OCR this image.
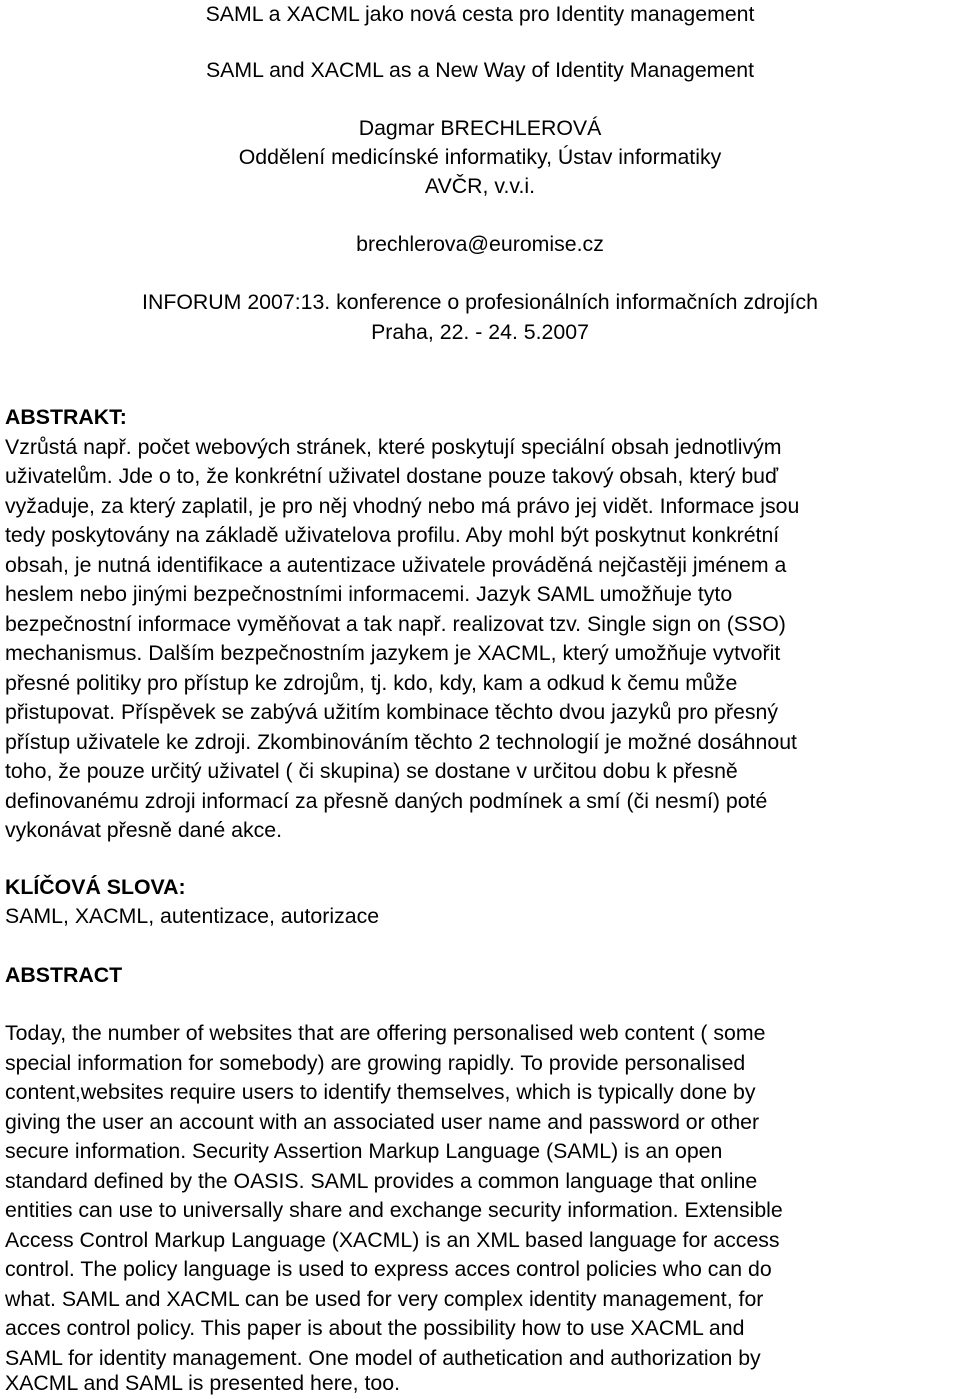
SAML a XACML jako nová cesta pro Identity management
SAML and XACML as a New Way of Identity Management
Dagmar BRECHLEROVÁ
Oddělení medicínské informatiky, Ústav informatiky
AVČR, v.v.i.
brechlerova@euromise.cz
INFORUM 2007:13. konference o profesionálních informačních zdrojích
Praha, 22. - 24. 5.2007
ABSTRAKT:
Vzrůstá např. počet webových stránek, které poskytují speciální obsah jednotlivým
uživatelům. Jde o to, že konkrétní uživatel dostane pouze takový obsah, který buď
vyžaduje, za který zaplatil, je pro něj vhodný nebo má právo jej vidět. Informace jsou
tedy poskytovány na základě uživatelova profilu. Aby mohl být poskytnut konkrétní
obsah, je nutná identifikace a autentizace uživatele prováděná nejčastěji jménem a
heslem nebo jinými bezpečnostními informacemi. Jazyk SAML umožňuje tyto
bezpečnostní informace vyměňovat a tak např. realizovat tzv. Single sign on (SSO)
mechanismus. Dalším bezpečnostním jazykem je XACML, který umožňuje vytvořit
přesné politiky pro přístup ke zdrojům, tj. kdo, kdy, kam a odkud k čemu může
přistupovat. Příspěvek se zabývá užitím kombinace těchto dvou jazyků pro přesný
přístup uživatele ke zdroji. Zkombinováním těchto 2 technologií je možné dosáhnout
toho, že pouze určitý uživatel ( či skupina) se dostane v určitou dobu k přesně
definovanému zdroji informací za přesně daných podmínek a smí (či nesmí) poté
vykonávat přesně dané akce.
KLÍČOVÁ SLOVA:
SAML, XACML, autentizace, autorizace
ABSTRACT
Today, the number of websites that are offering personalised web content ( some
special information for somebody) are growing rapidly. To provide personalised
content,websites require users to identify themselves, which is typically done by
giving the user an account with an associated user name and password or other
secure information. Security Assertion Markup Language (SAML) is an open
standard defined by the OASIS. SAML provides a common language that online
entities can use to universally share and exchange security information. Extensible
Access Control Markup Language (XACML) is an XML based language for access
control. The policy language is used to express acces control policies who can do
what. SAML and XACML can be used for very complex identity management, for
acces control policy. This paper is about the possibility how to use XACML and
SAML for identity management. One model of authetication and authorization by
XACML and SAML is presented here, too.
